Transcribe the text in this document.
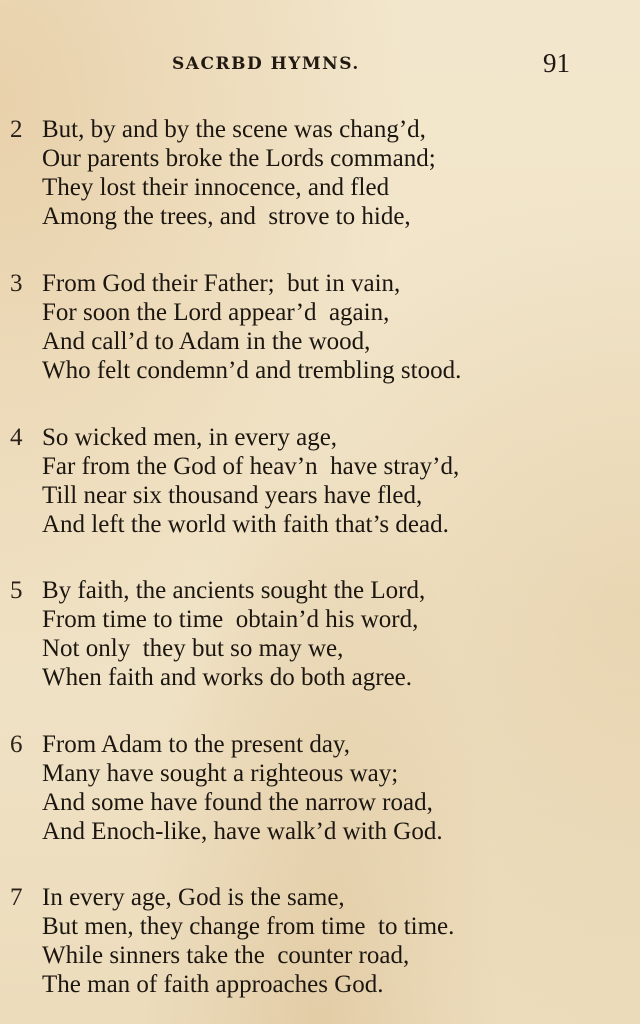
SACRBD HYMNS.	91
2 But, by and by the scene was chang’d,
Our parents broke the Lords command;
They lost their innocence, and fled
Among the trees, and  strove to hide,
3 From God their Father;  but in vain,
For soon the Lord appear’d  again,
And call’d to Adam in the wood,
Who felt condemn’d and trembling stood.
4 So wicked men, in every age,
Far from the God of heav’n  have stray’d,
Till near six thousand years have fled,
And left the world with faith that’s dead.
5 By faith, the ancients sought the Lord,
From time to time  obtain’d his word,
Not only  they but so may we,
When faith and works do both agree.
6 From Adam to the present day,
Many have sought a righteous way;
And some have found the narrow road,
And Enoch-like, have walk’d with God.
7 In every age, God is the same,
But men, they change from time  to time.
While sinners take the  counter road,
The man of faith approaches God.
